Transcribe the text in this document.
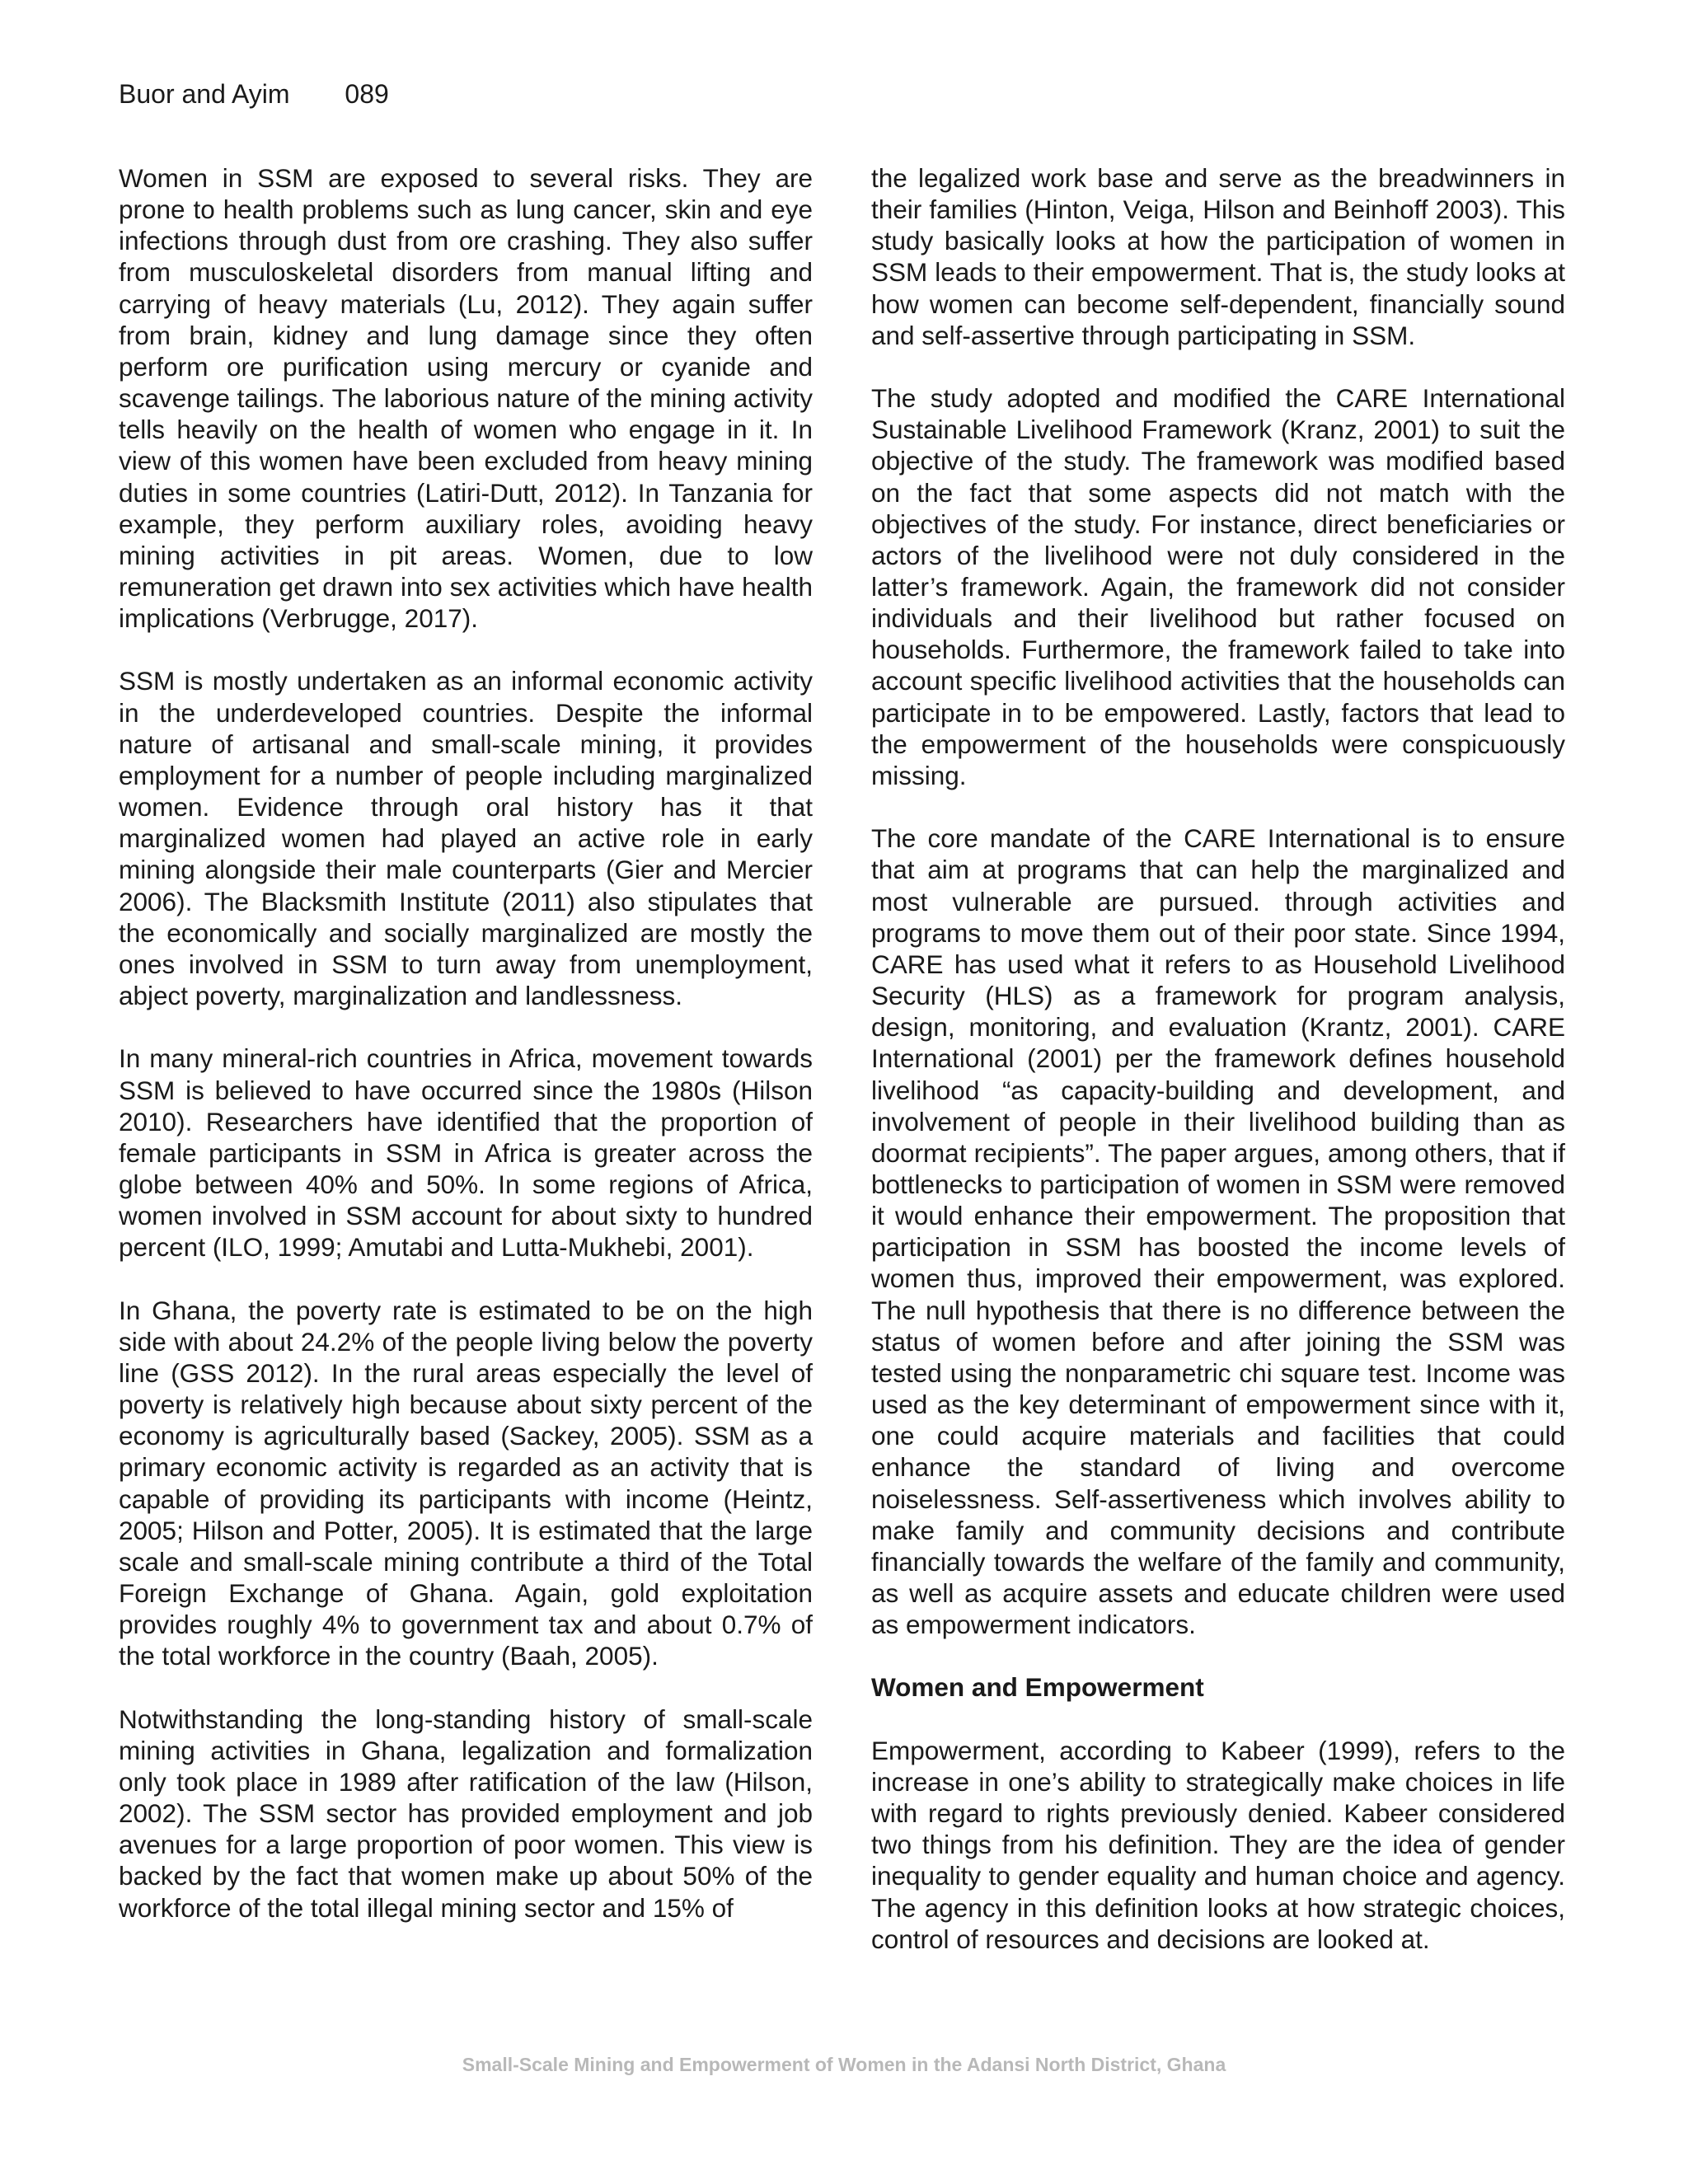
Buor and Ayim 089

Women in SSM are exposed to several risks. They are prone to health problems such as lung cancer, skin and eye infections through dust from ore crashing. They also suffer from musculoskeletal disorders from manual lifting and carrying of heavy materials (Lu, 2012). They again suffer from brain, kidney and lung damage since they often perform ore purification using mercury or cyanide and scavenge tailings. The laborious nature of the mining activity tells heavily on the health of women who engage in it. In view of this women have been excluded from heavy mining duties in some countries (Latiri-Dutt, 2012). In Tanzania for example, they perform auxiliary roles, avoiding heavy mining activities in pit areas. Women, due to low remuneration get drawn into sex activities which have health implications (Verbrugge, 2017).

SSM is mostly undertaken as an informal economic activity in the underdeveloped countries. Despite the informal nature of artisanal and small-scale mining, it provides employment for a number of people including marginalized women. Evidence through oral history has it that marginalized women had played an active role in early mining alongside their male counterparts (Gier and Mercier 2006). The Blacksmith Institute (2011) also stipulates that the economically and socially marginalized are mostly the ones involved in SSM to turn away from unemployment, abject poverty, marginalization and landlessness.

In many mineral-rich countries in Africa, movement towards SSM is believed to have occurred since the 1980s (Hilson 2010). Researchers have identified that the proportion of female participants in SSM in Africa is greater across the globe between 40% and 50%. In some regions of Africa, women involved in SSM account for about sixty to hundred percent (ILO, 1999; Amutabi and Lutta-Mukhebi, 2001).

In Ghana, the poverty rate is estimated to be on the high side with about 24.2% of the people living below the poverty line (GSS 2012). In the rural areas especially the level of poverty is relatively high because about sixty percent of the economy is agriculturally based (Sackey, 2005). SSM as a primary economic activity is regarded as an activity that is capable of providing its participants with income (Heintz, 2005; Hilson and Potter, 2005). It is estimated that the large scale and small-scale mining contribute a third of the Total Foreign Exchange of Ghana. Again, gold exploitation provides roughly 4% to government tax and about 0.7% of the total workforce in the country (Baah, 2005).

Notwithstanding the long-standing history of small-scale mining activities in Ghana, legalization and formalization only took place in 1989 after ratification of the law (Hilson, 2002). The SSM sector has provided employment and job avenues for a large proportion of poor women. This view is backed by the fact that women make up about 50% of the workforce of the total illegal mining sector and 15% of

the legalized work base and serve as the breadwinners in their families (Hinton, Veiga, Hilson and Beinhoff 2003). This study basically looks at how the participation of women in SSM leads to their empowerment. That is, the study looks at how women can become self-dependent, financially sound and self-assertive through participating in SSM.

The study adopted and modified the CARE International Sustainable Livelihood Framework (Kranz, 2001) to suit the objective of the study. The framework was modified based on the fact that some aspects did not match with the objectives of the study. For instance, direct beneficiaries or actors of the livelihood were not duly considered in the latter’s framework. Again, the framework did not consider individuals and their livelihood but rather focused on households. Furthermore, the framework failed to take into account specific livelihood activities that the households can participate in to be empowered. Lastly, factors that lead to the empowerment of the households were conspicuously missing.

The core mandate of the CARE International is to ensure that aim at programs that can help the marginalized and most vulnerable are pursued. through activities and programs to move them out of their poor state. Since 1994, CARE has used what it refers to as Household Livelihood Security (HLS) as a framework for program analysis, design, monitoring, and evaluation (Krantz, 2001). CARE International (2001) per the framework defines household livelihood “as capacity-building and development, and involvement of people in their livelihood building than as doormat recipients”. The paper argues, among others, that if bottlenecks to participation of women in SSM were removed it would enhance their empowerment. The proposition that participation in SSM has boosted the income levels of women thus, improved their empowerment, was explored. The null hypothesis that there is no difference between the status of women before and after joining the SSM was tested using the nonparametric chi square test. Income was used as the key determinant of empowerment since with it, one could acquire materials and facilities that could enhance the standard of living and overcome noiselessness. Self-assertiveness which involves ability to make family and community decisions and contribute financially towards the welfare of the family and community, as well as acquire assets and educate children were used as empowerment indicators.

Women and Empowerment

Empowerment, according to Kabeer (1999), refers to the increase in one’s ability to strategically make choices in life with regard to rights previously denied. Kabeer considered two things from his definition. They are the idea of gender inequality to gender equality and human choice and agency. The agency in this definition looks at how strategic choices, control of resources and decisions are looked at.

Small-Scale Mining and Empowerment of Women in the Adansi North District, Ghana
